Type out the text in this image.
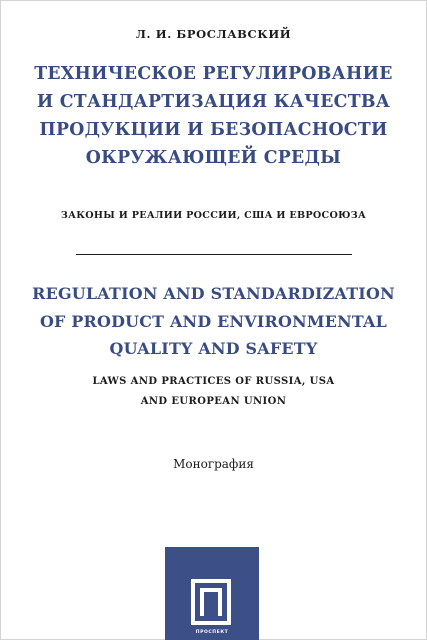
Л. И. БРОСЛАВСКИЙ
ТЕХНИЧЕСКОЕ РЕГУЛИРОВАНИЕ
И СТАНДАРТИЗАЦИЯ КАЧЕСТВА
ПРОДУКЦИИ И БЕЗОПАСНОСТИ
ОКРУЖАЮЩЕЙ СРЕДЫ
ЗАКОНЫ И РЕАЛИИ РОССИИ, США И ЕВРОСОЮЗА
REGULATION AND STANDARDIZATION
OF PRODUCT AND ENVIRONMENTAL
QUALITY AND SAFETY
LAWS AND PRACTICES OF RUSSIA, USA
AND EUROPEAN UNION
Монография
ПРОСПЕКТ
